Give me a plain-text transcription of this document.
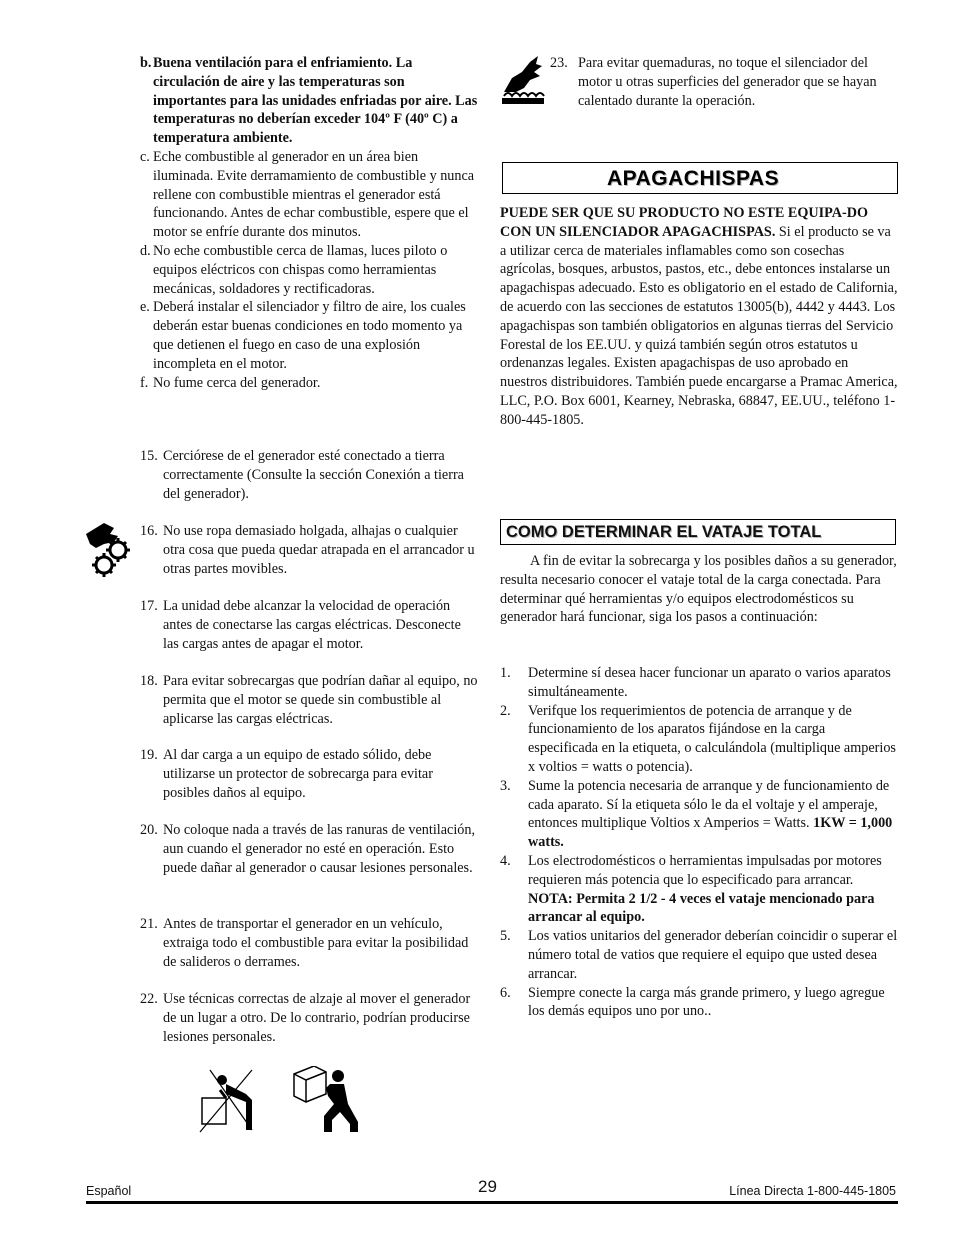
b. Buena ventilación para el enfriamiento. La circulación de aire y las temperaturas son importantes para las unidades enfriadas por aire. Las temperaturas no deberían exceder 104º F (40º C) a temperatura ambiente.
c. Eche combustible al generador en un área bien iluminada. Evite derramamiento de combustible y nunca rellene con combustible mientras el generador está funcionando. Antes de echar combustible, espere que el motor se enfríe durante dos minutos.
d. No eche combustible cerca de llamas, luces piloto o equipos eléctricos con chispas como herramientas mecánicas, soldadores y rectificadoras.
e. Deberá instalar el silenciador y filtro de aire, los cuales deberán estar buenas condiciones en todo momento ya que detienen el fuego en caso de una explosión incompleta en el motor.
f. No fume cerca del generador.
15. Cerciórese de el generador esté conectado a tierra correctamente (Consulte la sección Conexión a tierra del generador).
16. No use ropa demasiado holgada, alhajas o cualquier otra cosa que pueda quedar atrapada en el arrancador u otras partes movibles.
17. La unidad debe alcanzar la velocidad de operación antes de conectarse las cargas eléctricas. Desconecte las cargas antes de apagar el motor.
18. Para evitar sobrecargas que podrían dañar al equipo, no permita que el motor se quede sin combustible al aplicarse las cargas eléctricas.
19. Al dar carga a un equipo de estado sólido, debe utilizarse un protector de sobrecarga para evitar posibles daños al equipo.
20. No coloque nada a través de las ranuras de ventilación, aun cuando el generador no esté en operación. Esto puede dañar al generador o causar lesiones personales.
21. Antes de transportar el generador en un vehículo, extraiga todo el combustible para evitar la posibilidad de salideros o derrames.
22. Use técnicas correctas de alzaje al mover el generador de un lugar a otro. De lo contrario, podrían producirse lesiones personales.
23. Para evitar quemaduras, no toque el silenciador del motor u otras superficies del generador que se hayan calentado durante la operación.
APAGACHISPAS

PUEDE SER QUE SU PRODUCTO NO ESTE EQUIPA-DO CON UN SILENCIADOR APAGACHISPAS. Si el producto se va a utilizar cerca de materiales inflamables como son cosechas agrícolas, bosques, arbustos, pastos, etc., debe entonces instalarse un apagachispas adecuado. Esto es obligatorio en el estado de California, de acuerdo con las secciones de estatutos 13005(b), 4442 y 4443. Los apagachispas son también obligatorios en algunas tierras del Servicio Forestal de los EE.UU. y quizá también según otros estatutos u ordenanzas legales. Existen apagachispas de uso aprobado en nuestros distribuidores. También puede encargarse a Pramac America, LLC, P.O. Box 6001, Kearney, Nebraska, 68847, EE.UU., teléfono 1-800-445-1805.

COMO DETERMINAR EL VATAJE TOTAL

A fin de evitar la sobrecarga y los posibles daños a su generador, resulta necesario conocer el vataje total de la carga conectada. Para determinar qué herramientas y/o equipos electrodomésticos su generador hará funcionar, siga los pasos a continuación:

1.	Determine sí desea hacer funcionar un aparato o varios aparatos simultáneamente.
2.	Verifque los requerimientos de potencia de arranque y de funcionamiento de los aparatos fijándose en la carga especificada en la etiqueta, o calculándola (multiplique amperios x voltios = watts o potencia).
3.	Sume la potencia necesaria de arranque y de funcionamiento de cada aparato. Sí la etiqueta sólo le da el voltaje y el amperaje, entonces multiplique Voltios x Amperios = Watts. 1KW = 1,000 watts.
4.	Los electrodomésticos o herramientas impulsadas por motores requieren más potencia que lo especificado para arrancar.
NOTA: Permita 2 1/2 - 4 veces el vataje mencionado para arrancar al equipo.
5.	Los vatios unitarios del generador deberían coincidir o superar el número total de vatios que requiere el equipo que usted desea arrancar.
6.	Siempre conecte la carga más grande primero, y luego agregue los demás equipos uno por uno..
Español	29	Línea Directa 1-800-445-1805
